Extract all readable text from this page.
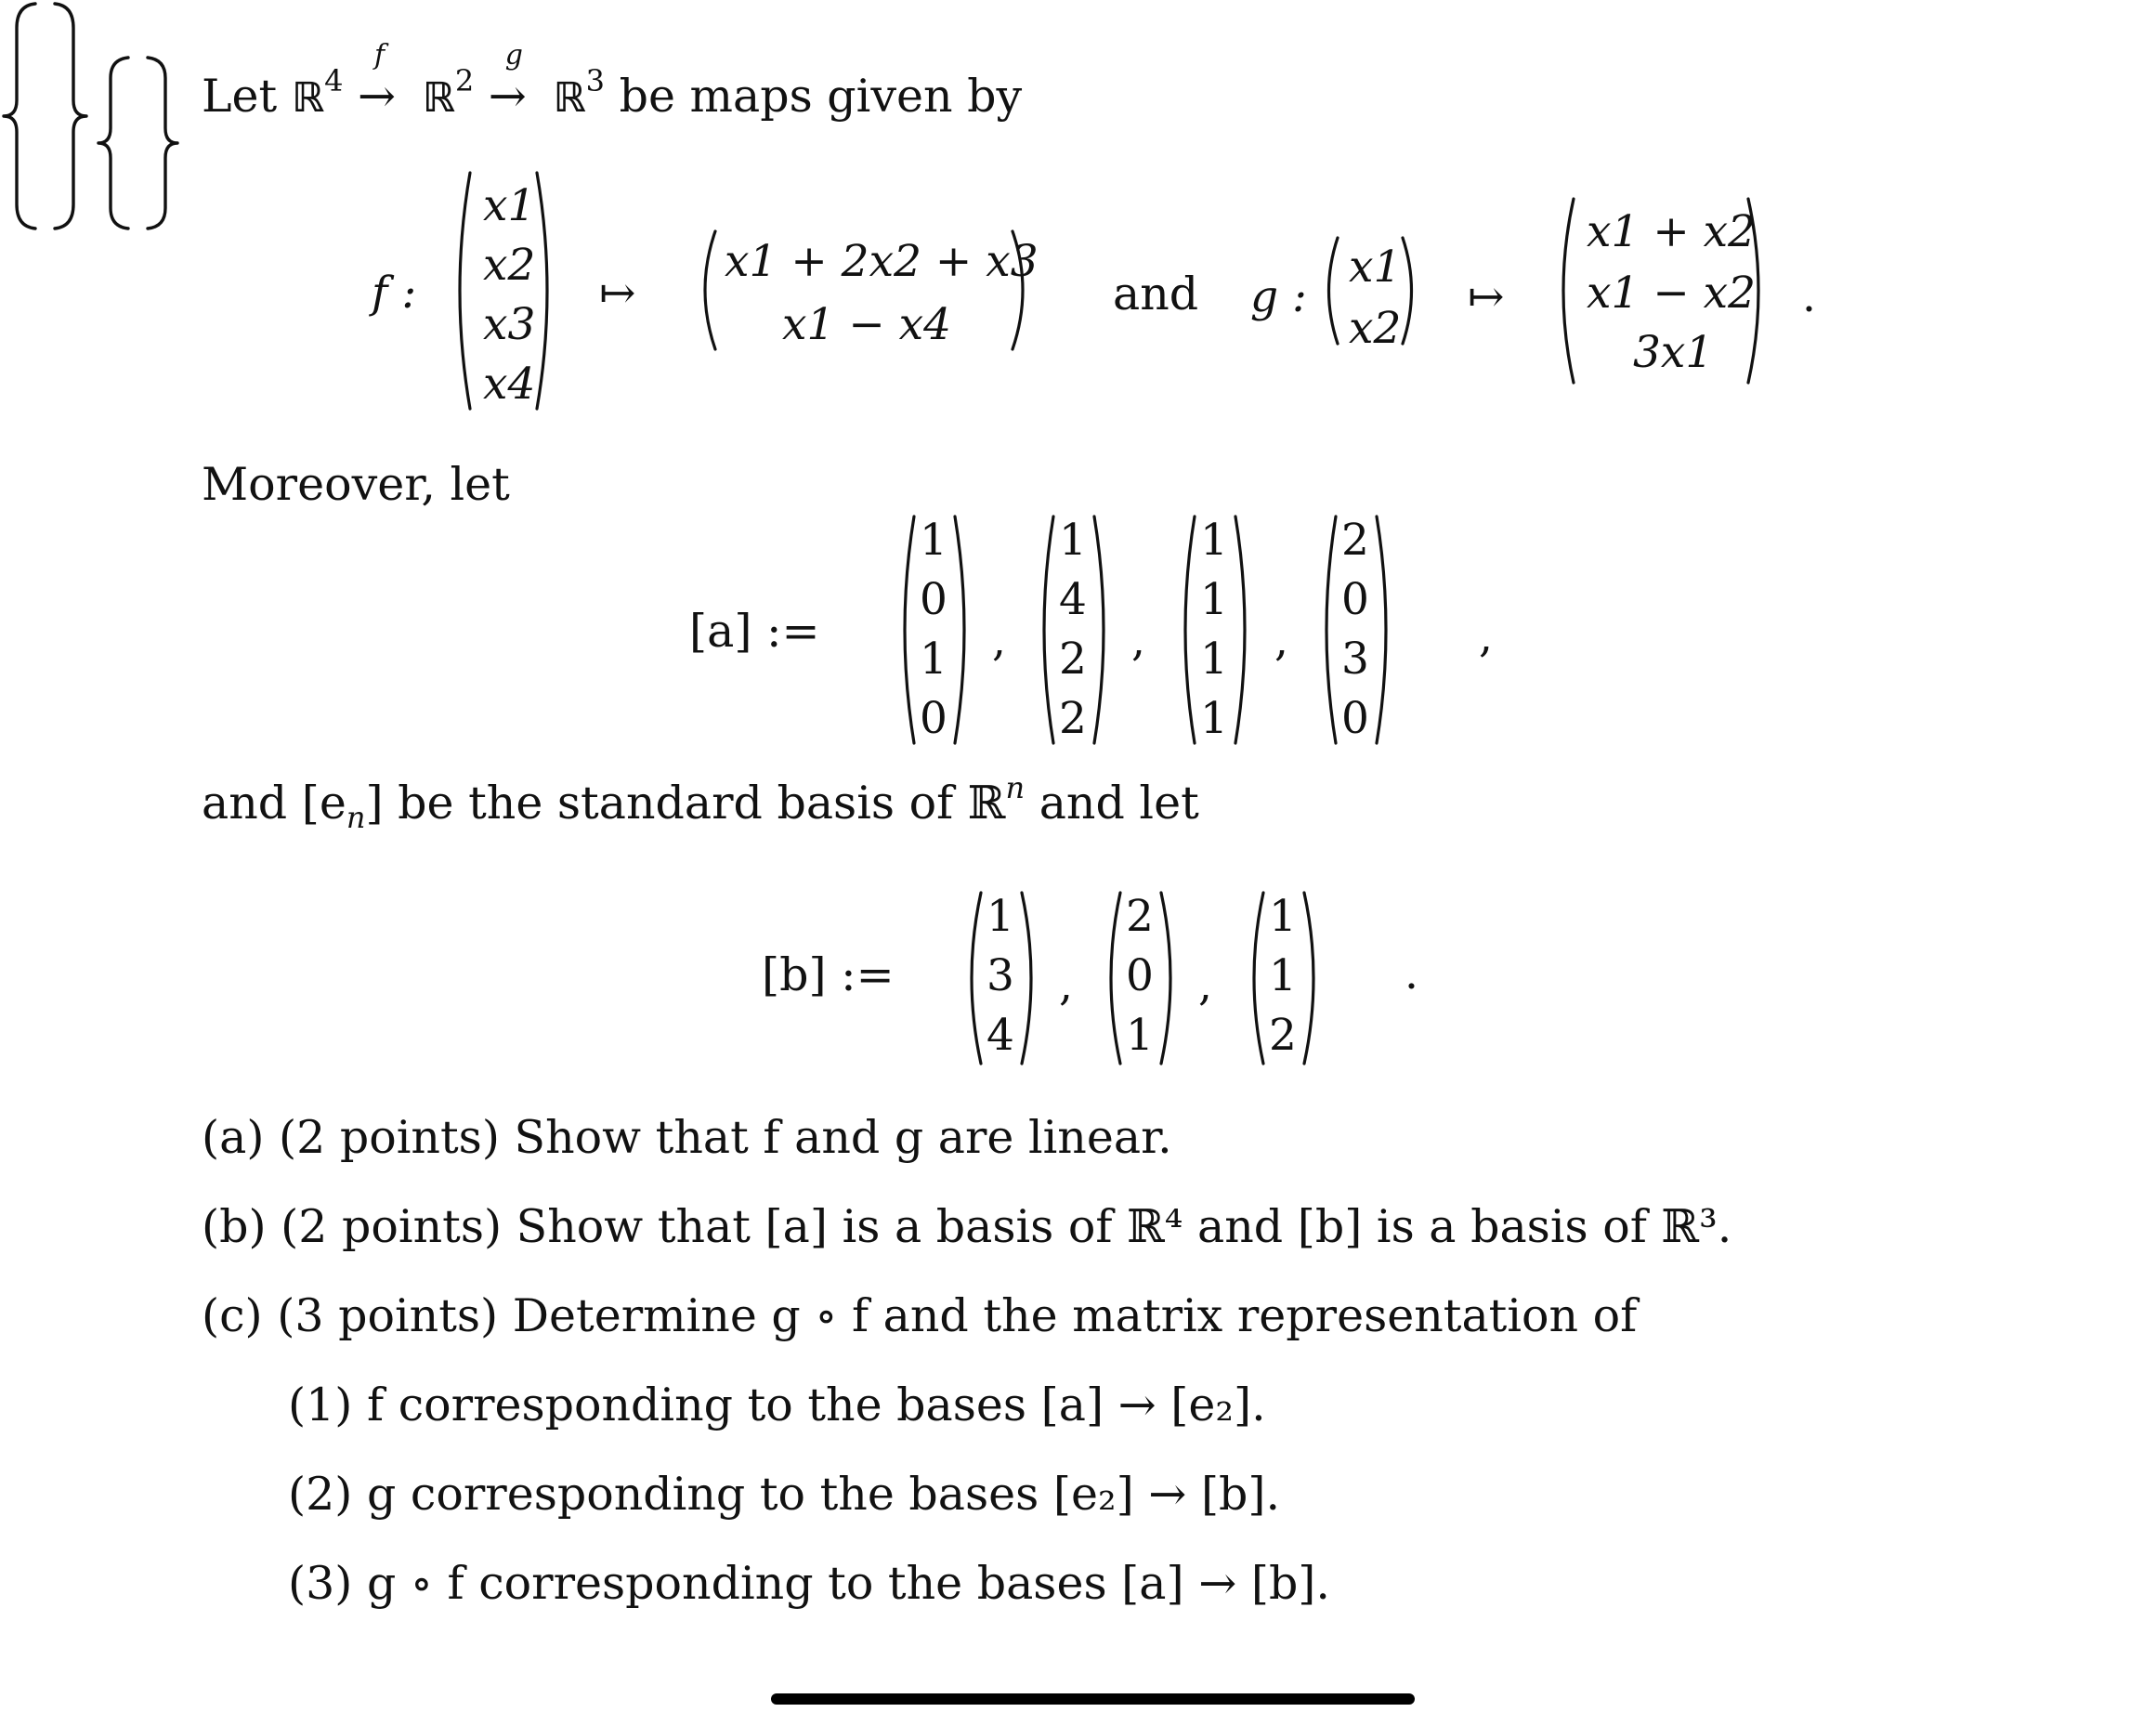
Let ℝ$^4$
f
→ ℝ$^2$
g
→ ℝ$^3$ be maps given by
f :
x1
x2
x3
x4
↦
x1 + 2x2 + x3
x1 − x4
and g :
x1
x2
↦
x1 + x2
x1 − x2
3x1
.
Moreover, let
[a] :=

1
0
1
0
,
1
4
2
2
,
1
1
1
1
,
2
0
3
0

,
and $[e_n]$ be the standard basis of ℝ$^n$ and let
[b] :=

1
3
4
,
2
0
1
,
1
1
2
.
(a) (2 points) Show that f and g are linear.
(b) (2 points) Show that [a] is a basis of ℝ⁴ and [b] is a basis of ℝ³.
(c) (3 points) Determine g ∘ f and the matrix representation of
(1) f corresponding to the bases [a] → [e₂].
(2) g corresponding to the bases [e₂] → [b].
(3) g ∘ f corresponding to the bases [a] → [b].
